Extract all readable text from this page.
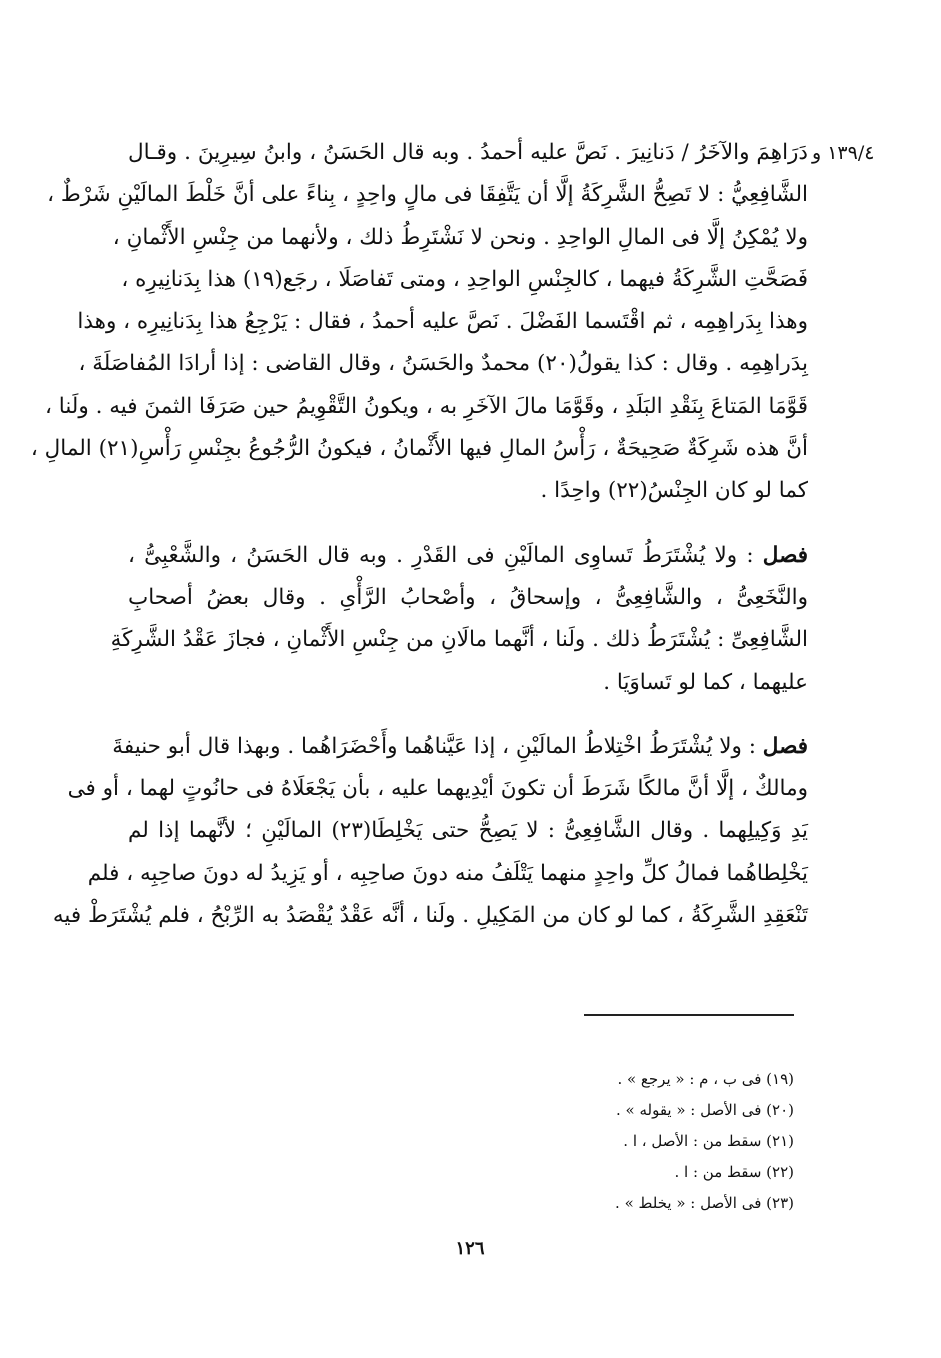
١٣٩/٤ و
دَرَاهِمَ والآخَرُ / دَنانِيرَ . نَصَّ عليه أحمدُ . وبه قال الحَسَنُ ، وابنُ سِيرِينَ . وقـال
الشَّافِعِيُّ : لا تَصِحُّ الشَّرِكَةُ إلَّا أن يَتَّفِقَا فى مالٍ واحِدٍ ، بِناءً على أنَّ خَلْطَ المالَيْنِ شَرْطٌ ،
ولا يُمْكِنُ إلَّا فى المالِ الواحِدِ . ونحن لا نَشْتَرِطُ ذلك ، ولأنهما من جِنْسِ الأَثْمانِ ،
فَصَحَّتِ الشَّرِكَةُ فيهما ، كالجِنْسِ الواحِدِ ، ومتى تَفاصَلَا ، رجَع(١٩) هذا بِدَنانِيرِه ،
وهذا بِدَراهِمِه ، ثم اقْتَسما الفَضْلَ . نَصَّ عليه أحمدُ ، فقال : يَرْجِعُ هذا بِدَنانِيرِه ، وهذا
بِدَراهِمِه . وقال : كذا يقولُ(٢٠) محمدٌ والحَسَنُ ، وقال القاضى : إذا أرادَا المُفاصَلَةَ ،
قَوَّمَا المَتاعَ بِنَقْدِ البَلَدِ ، وقَوَّمَا مالَ الآخَرِ به ، ويكونُ التَّقْوِيمُ حين صَرَفَا الثمنَ فيه . ولَنا ،
أنَّ هذه شَرِكَةٌ صَحِيحَةٌ ، رَأْسُ المالِ فيها الأَثْمانُ ، فيكونُ الرُّجُوعُ بجِنْسِ رَأْسِ(٢١) المالِ ،
كما لو كان الجِنْسُ(٢٢) واحِدًا .
فصل : ولا يُشْتَرَطُ تَساوِى المالَيْنِ فى القَدْرِ . وبه قال الحَسَنُ ، والشَّعْبِىُّ ،
والنَّخَعِىُّ ، والشَّافِعِىُّ ، وإسحاقُ ، وأصْحابُ الرَّأْىِ . وقال بعضُ أصحابِ
الشَّافِعِىِّ : يُشْتَرَطُ ذلك . ولَنا ، أنَّهما مالَانِ من جِنْسِ الأَثْمانِ ، فجازَ عَقْدُ الشَّرِكَةِ
عليهما ، كما لو تَساوَيَا .
فصل : ولا يُشْتَرَطُ اخْتِلاطُ المالَيْنِ ، إذا عَيَّناهُما وأَحْضَرَاهُما . وبهذا قال أبو حنيفةَ
ومالكٌ ، إلَّا أنَّ مالكًا شَرَطَ أن تكونَ أيْدِيهما عليه ، بأن يَجْعَلَاهُ فى حانُوتٍ لهما ، أو فى
يَدِ وَكِيلِهما . وقال الشَّافِعِىُّ : لا يَصِحُّ حتى يَخْلِطَا(٢٣) المالَيْنِ ؛ لأنَّهما إذا لم
يَخْلِطاهُما فمالُ كلِّ واحِدٍ منهما يَتْلَفُ منه دونَ صاحِبِه ، أو يَزِيدُ له دونَ صاحِبِه ، فلم
تَنْعَقِدِ الشَّرِكَةُ ، كما لو كان من المَكِيلِ . ولَنا ، أنَّه عَقْدٌ يُقْصَدُ به الرِّبْحُ ، فلم يُشْتَرَطْ فيه
(١٩) فى ب ، م : « يرجع » .
(٢٠) فى الأصل : « يقوله » .
(٢١) سقط من : الأصل ، ا .
(٢٢) سقط من : ا .
(٢٣) فى الأصل : « يخلط » .
١٢٦
